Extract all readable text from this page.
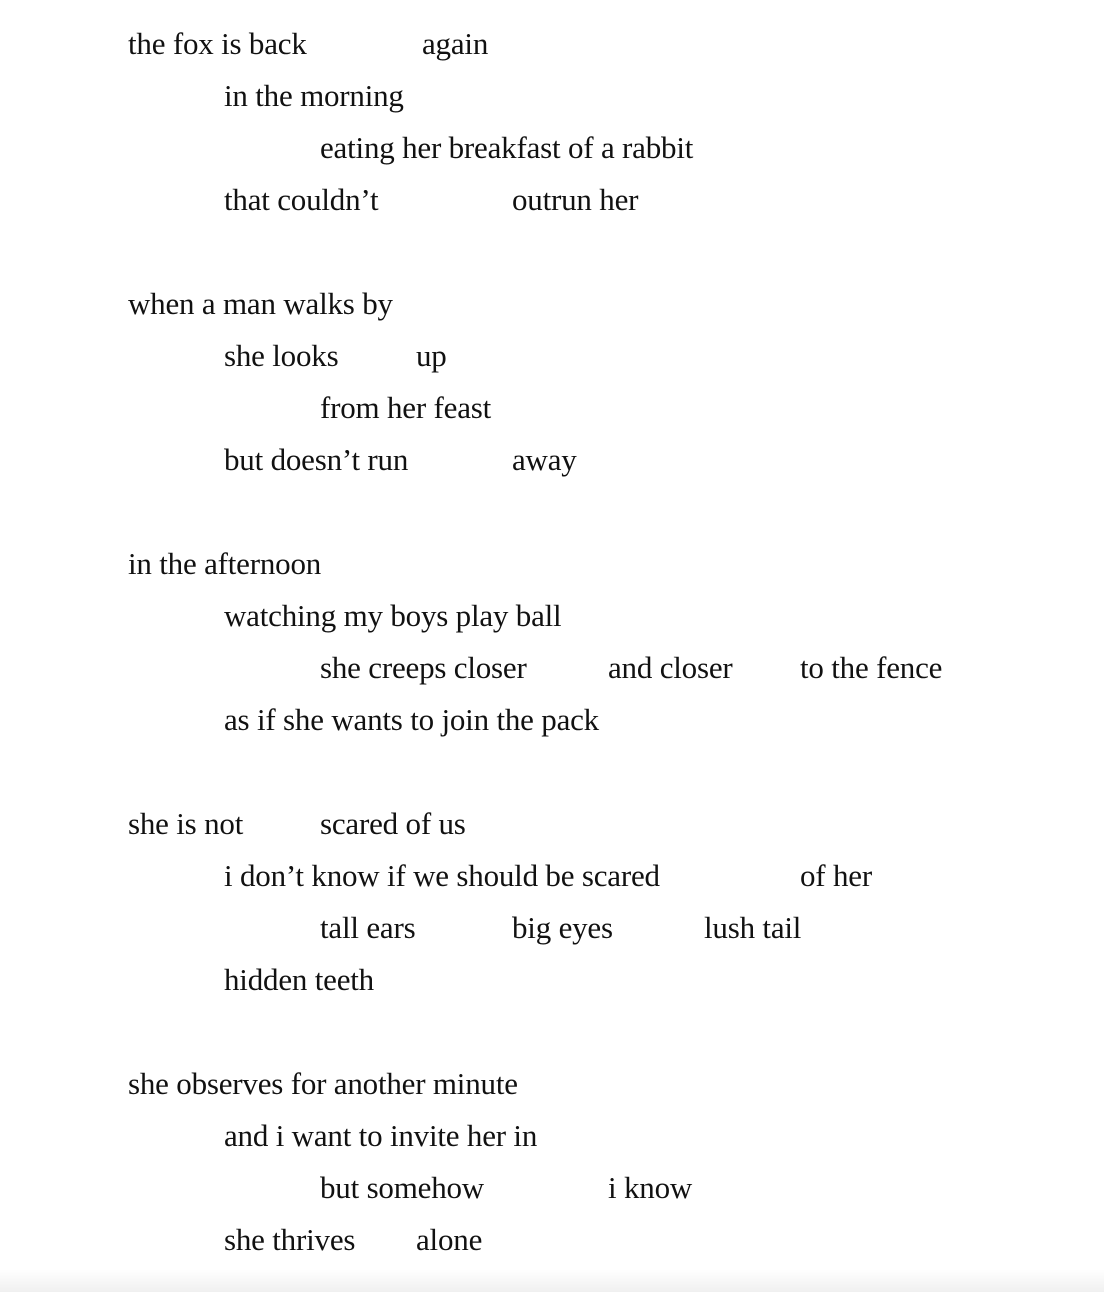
the fox is back	again
in the morning
eating her breakfast of a rabbit
that couldn’t	outrun her
when a man walks by
she looks	up
from her feast
but doesn’t run	away
in the afternoon
watching my boys play ball
she creeps closer	and closer to the fence
as if she wants to join the pack
she is not scared of us
i don’t know if we should be scared	of her
tall ears	big eyes	lush tail
hidden teeth
she observes for another minute
and i want to invite her in
but somehow	i know
she thrives alone
